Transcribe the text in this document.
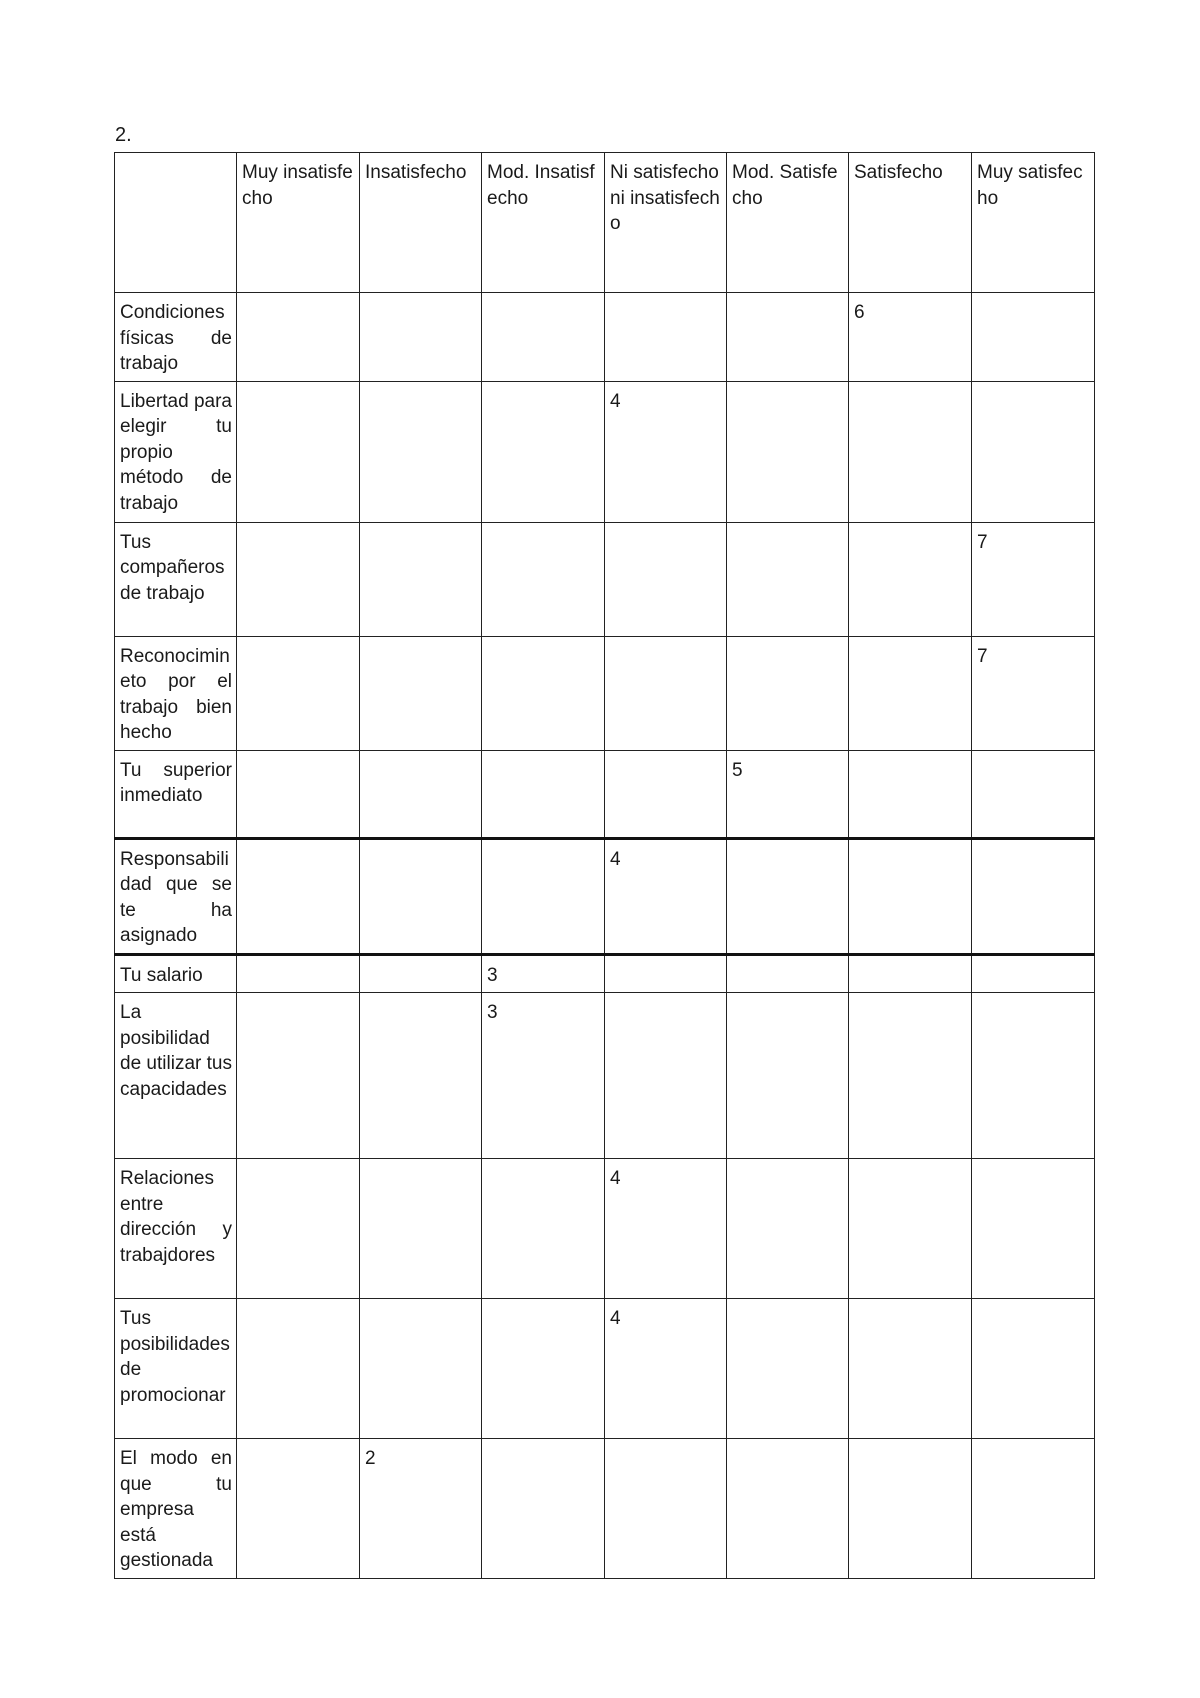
2.
	Muy insatisfecho	Insatisfecho	Mod. Insatisfecho	Ni satisfecho ni insatisfecho	Mod. Satisfecho	Satisfecho	Muy satisfecho
Condiciones físicas de trabajo						6	
Libertad para elegir tu propio método de trabajo				4			
Tus compañeros de trabajo							7
Reconocimineto por el trabajo bien hecho							7
Tu superior inmediato					5		
Responsabilidad que se te ha asignado				4			
Tu salario			3				
La posibilidad de utilizar tus capacidades			3				
Relaciones entre dirección y trabajdores				4			
Tus posibilidades de promocionar				4			
El modo en que tu empresa está gestionada		2					
